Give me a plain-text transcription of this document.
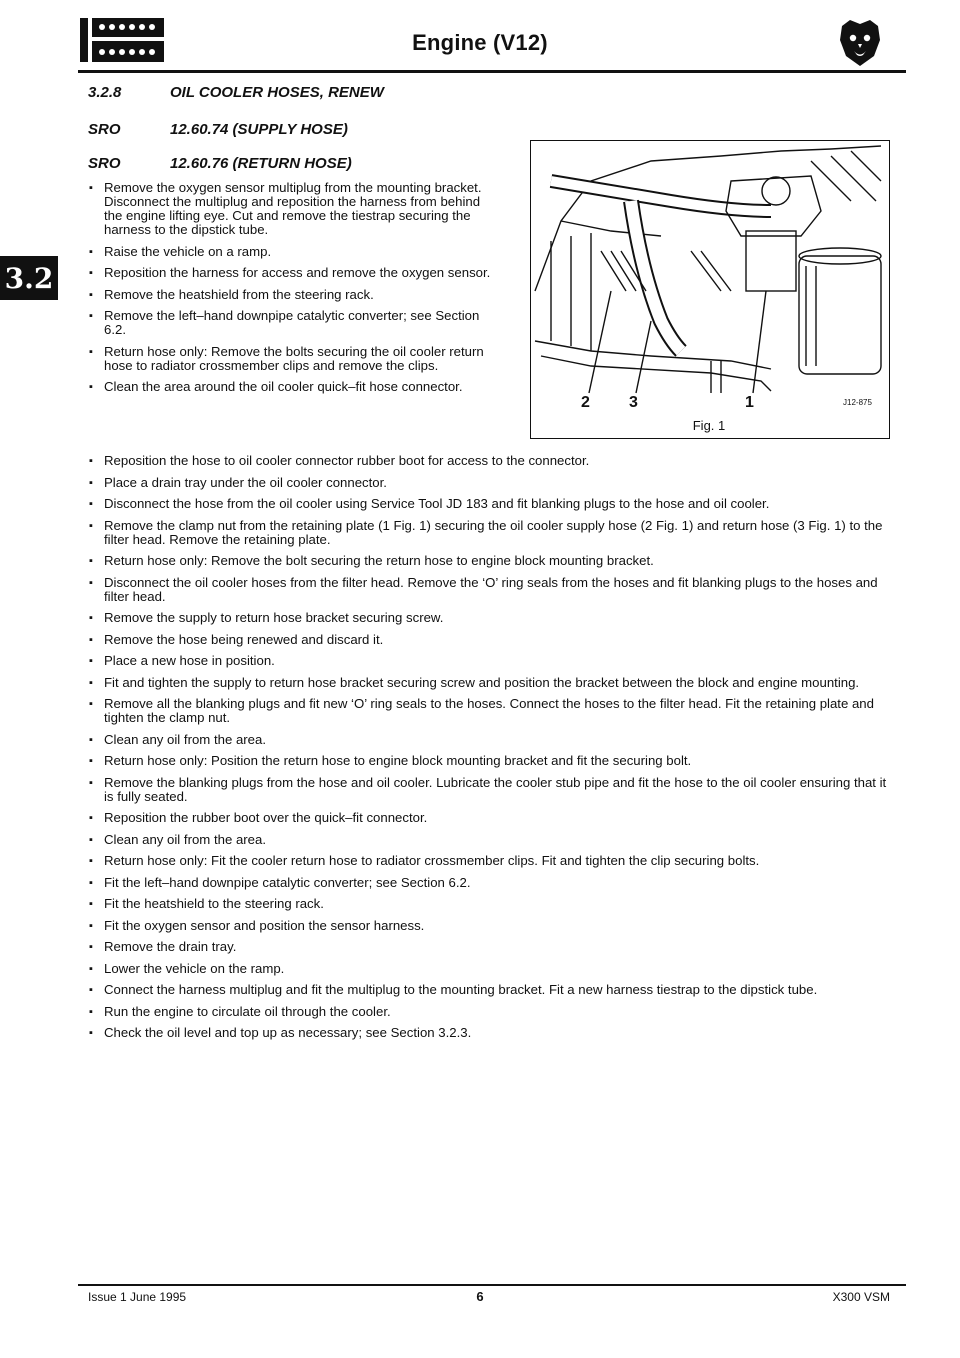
Engine (V12)
3.2
3.2.8	OIL COOLER HOSES, RENEW
SRO	12.60.74 (SUPPLY HOSE)
SRO	12.60.76 (RETURN HOSE)
▪ Remove the oxygen sensor multiplug from the mounting bracket. Disconnect the multiplug and reposition the harness from behind the engine lifting eye. Cut and remove the tiestrap securing the harness to the dipstick tube.
▪ Raise the vehicle on a ramp.
▪ Reposition the harness for access and remove the oxygen sensor.
▪ Remove the heatshield from the steering rack.
▪ Remove the left–hand downpipe catalytic converter; see Section 6.2.
▪ Return hose only: Remove the bolts securing the oil cooler return hose to radiator crossmember clips and remove the clips.
▪ Clean the area around the oil cooler quick–fit hose connector.
2 3	1	J12-875
Fig. 1
▪ Reposition the hose to oil cooler connector rubber boot for access to the connector.
▪ Place a drain tray under the oil cooler connector.
▪ Disconnect the hose from the oil cooler using Service Tool JD 183 and fit blanking plugs to the hose and oil cooler.
▪ Remove the clamp nut from the retaining plate (1 Fig. 1) securing the oil cooler supply hose (2 Fig. 1) and return hose (3 Fig. 1) to the filter head. Remove the retaining plate.
▪ Return hose only: Remove the bolt securing the return hose to engine block mounting bracket.
▪ Disconnect the oil cooler hoses from the filter head. Remove the ‘O’ ring seals from the hoses and fit blanking plugs to the hoses and filter head.
▪ Remove the supply to return hose bracket securing screw.
▪ Remove the hose being renewed and discard it.
▪ Place a new hose in position.
▪ Fit and tighten the supply to return hose bracket securing screw and position the bracket between the block and engine mounting.
▪ Remove all the blanking plugs and fit new ‘O’ ring seals to the hoses. Connect the hoses to the filter head. Fit the retaining plate and tighten the clamp nut.
▪ Clean any oil from the area.
▪ Return hose only: Position the return hose to engine block mounting bracket and fit the securing bolt.
▪ Remove the blanking plugs from the hose and oil cooler. Lubricate the cooler stub pipe and fit the hose to the oil cooler ensuring that it is fully seated.
▪ Reposition the rubber boot over the quick–fit connector.
▪ Clean any oil from the area.
▪ Return hose only: Fit the cooler return hose to radiator crossmember clips. Fit and tighten the clip securing bolts.
▪ Fit the left–hand downpipe catalytic converter; see Section 6.2.
▪ Fit the heatshield to the steering rack.
▪ Fit the oxygen sensor and position the sensor harness.
▪ Remove the drain tray.
▪ Lower the vehicle on the ramp.
▪ Connect the harness multiplug and fit the multiplug to the mounting bracket. Fit a new harness tiestrap to the dipstick tube.
▪ Run the engine to circulate oil through the cooler.
▪ Check the oil level and top up as necessary; see Section 3.2.3.
Issue 1 June 1995	6	X300 VSM
